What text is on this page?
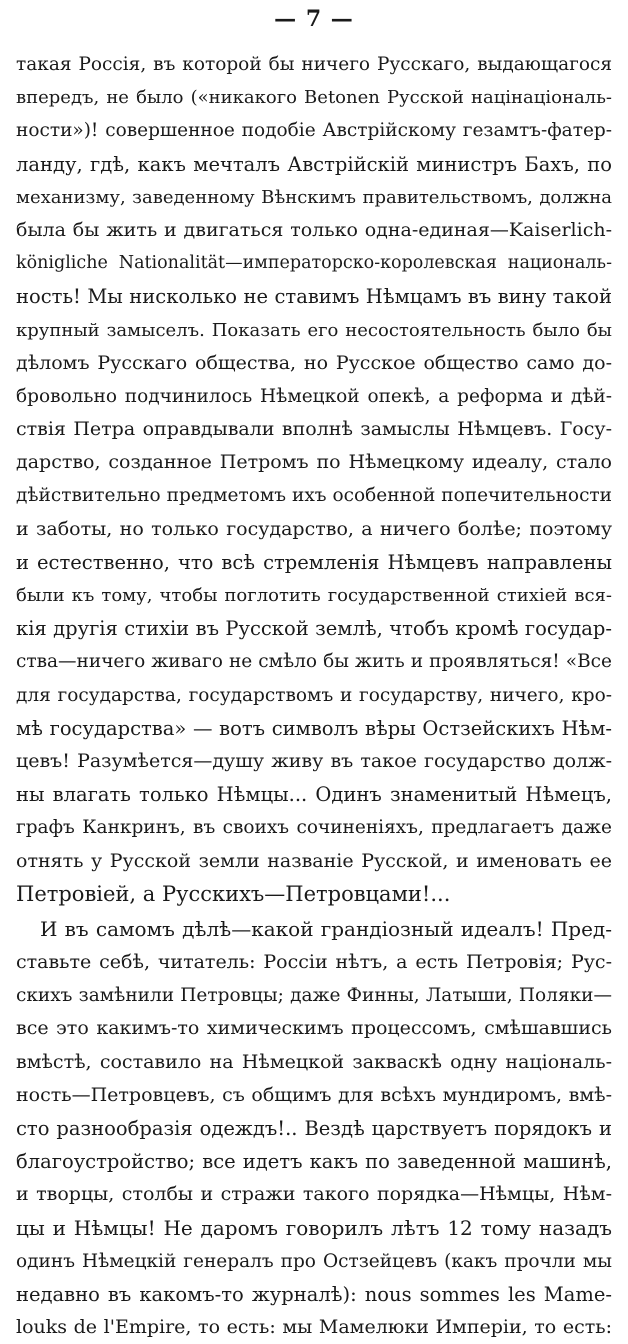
— 7 —
такая Россія, въ которой бы ничего Русскаго, выдающагося
впередъ, не было («никакого Betonen Русской націнаціональ-
ности»)! совершенное подобіе Австрійскому гезамтъ-фатер-
ланду, гдѣ, какъ мечталъ Австрійскій министръ Бахъ, по
механизму, заведенному Вѣнскимъ правительствомъ, должна
была бы жить и двигаться только одна-единая—Kaiserlich-
königliche Nationalität—императорско-королевская националь-
ность! Мы нисколько не ставимъ Нѣмцамъ въ вину такой
крупный замыселъ. Показать его несостоятельность было бы
дѣломъ Русскаго общества, но Русское общество само до-
бровольно подчинилось Нѣмецкой опекѣ, а реформа и дѣй-
ствія Петра оправдывали вполнѣ замыслы Нѣмцевъ. Госу-
дарство, созданное Петромъ по Нѣмецкому идеалу, стало
дѣйствительно предметомъ ихъ особенной попечительности
и заботы, но только государство, а ничего болѣе; поэтому
и естественно, что всѣ стремленія Нѣмцевъ направлены
были къ тому, чтобы поглотить государственной стихіей вся-
кія другія стихіи въ Русской землѣ, чтобъ кромѣ государ-
ства—ничего живаго не смѣло бы жить и проявляться! «Все
для государства, государствомъ и государству, ничего, кро-
мѣ государства» — вотъ символъ вѣры Остзейскихъ Нѣм-
цевъ! Разумѣется—душу живу въ такое государство долж-
ны влагать только Нѣмцы... Одинъ знаменитый Нѣмецъ,
графъ Канкринъ, въ своихъ сочиненіяхъ, предлагаетъ даже
отнять у Русской земли названіе Русской, и именовать ее
Петровіей, а Русскихъ—Петровцами!...
И въ самомъ дѣлѣ—какой грандіозный идеалъ! Пред-
ставьте себѣ, читатель: Россіи нѣтъ, а есть Петровія; Рус-
скихъ замѣнили Петровцы; даже Финны, Латыши, Поляки—
все это какимъ-то химическимъ процессомъ, смѣшавшись
вмѣстѣ, составило на Нѣмецкой закваскѣ одну національ-
ность—Петровцевъ, съ общимъ для всѣхъ мундиромъ, вмѣ-
сто разнообразія одеждъ!.. Вездѣ царствуетъ порядокъ и
благоустройство; все идетъ какъ по заведенной машинѣ,
и творцы, столбы и стражи такого порядка—Нѣмцы, Нѣм-
цы и Нѣмцы! Не даромъ говорилъ лѣтъ 12 тому назадъ
одинъ Нѣмецкій генералъ про Остзейцевъ (какъ прочли мы
недавно въ какомъ-то журналѣ): nous sommes les Mame-
louks de l'Empire, то есть: мы Мамелюки Имперіи, то есть:
